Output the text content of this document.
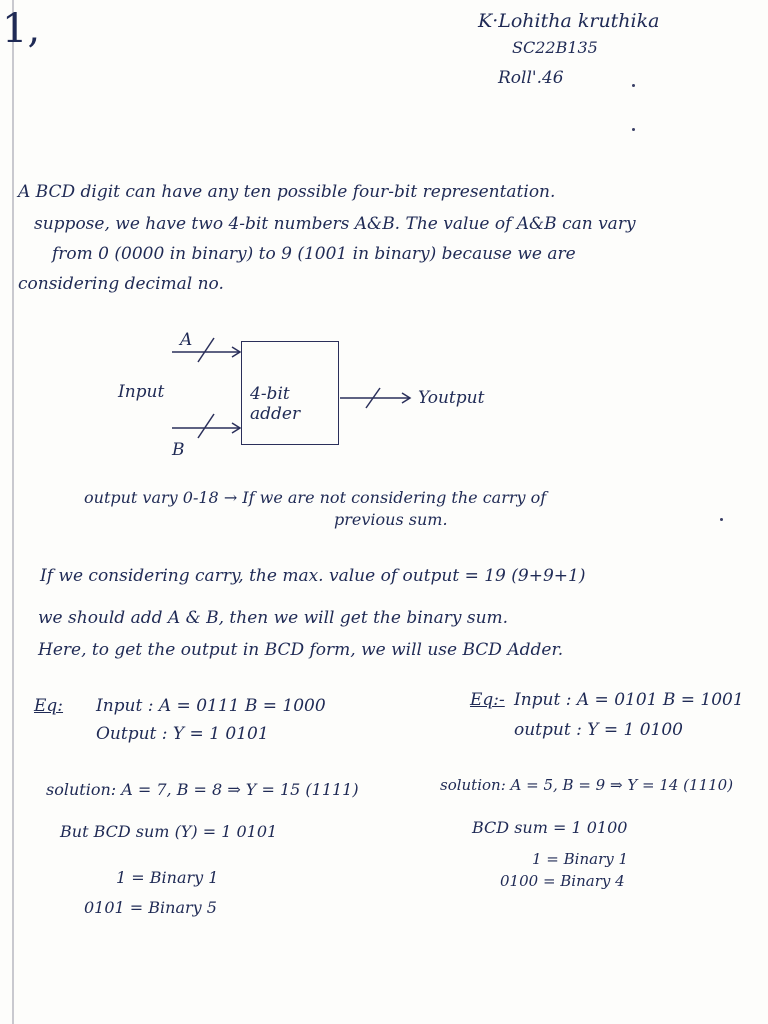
1,	K·Lohitha kruthika
SC22B135
Roll'.46
A BCD digit can have any ten possible four-bit representation.
suppose, we have two 4-bit numbers A&B. The value of A&B can vary
from 0 (0000 in binary) to 9 (1001 in binary) because we are
considering decimal no.
4-bit
adder
A
Input
B
Youtput
output vary 0-18 → If we are not considering the carry of
previous sum.
If we considering carry, the max. value of output = 19 (9+9+1)
we should add A & B, then we will get the binary sum.
Here, to get the output in BCD form, we will use BCD Adder.
Eq: Input : A = 0111 B = 1000
Output : Y = 1 0101
Eq:- Input : A = 0101 B = 1001
output : Y = 1 0100
solution: A = 7, B = 8 ⇒ Y = 15 (1111)
But BCD sum (Y) = 1 0101
1 = Binary 1
0101 = Binary 5
solution: A = 5, B = 9 ⇒ Y = 14 (1110)
BCD sum = 1 0100
1 = Binary 1
0100 = Binary 4
